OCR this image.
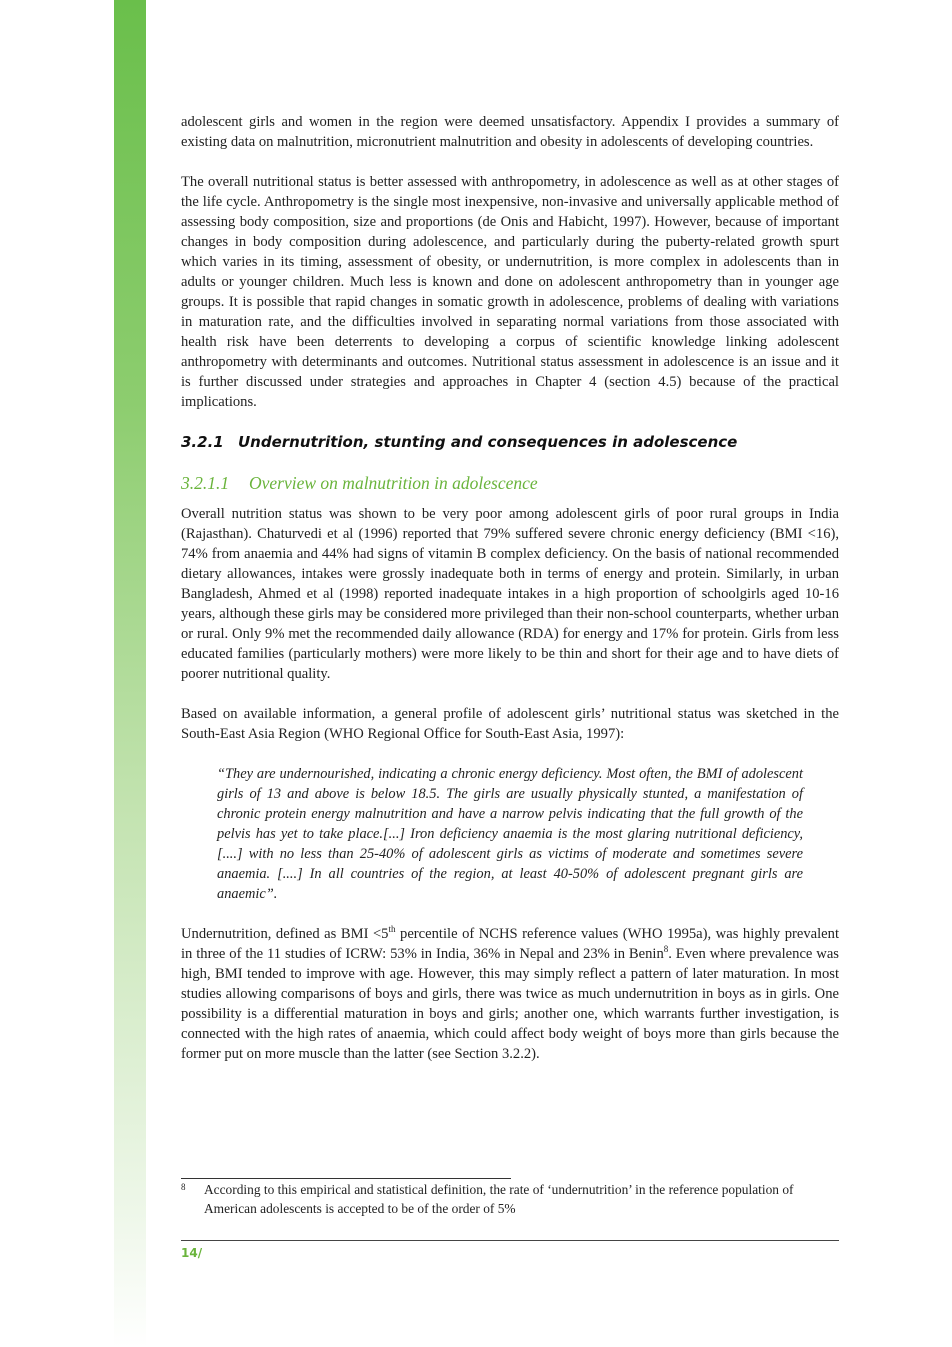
adolescent girls and women in the region were deemed unsatisfactory. Appendix I provides a summary of existing data on malnutrition, micronutrient malnutrition and obesity in adolescents of developing countries.

The overall nutritional status is better assessed with anthropometry, in adolescence as well as at other stages of the life cycle. Anthropometry is the single most inexpensive, non-invasive and universally applicable method of assessing body composition, size and proportions (de Onis and Habicht, 1997). However, because of important changes in body composition during adolescence, and particularly during the puberty-related growth spurt which varies in its timing, assessment of obesity, or undernutrition, is more complex in adolescents than in adults or younger children. Much less is known and done on adolescent anthropometry than in younger age groups. It is possible that rapid changes in somatic growth in adolescence, problems of dealing with variations in maturation rate, and the difficulties involved in separating normal variations from those associated with health risk have been deterrents to developing a corpus of scientific knowledge linking adolescent anthropometry with determinants and outcomes. Nutritional status assessment in adolescence is an issue and it is further discussed under strategies and approaches in Chapter 4 (section 4.5) because of the practical implications.

3.2.1 Undernutrition, stunting and consequences in adolescence
3.2.1.1 Overview on malnutrition in adolescence

Overall nutrition status was shown to be very poor among adolescent girls of poor rural groups in India (Rajasthan). Chaturvedi et al (1996) reported that 79% suffered severe chronic energy deficiency (BMI <16), 74% from anaemia and 44% had signs of vitamin B complex deficiency. On the basis of national recommended dietary allowances, intakes were grossly inadequate both in terms of energy and protein. Similarly, in urban Bangladesh, Ahmed et al (1998) reported inadequate intakes in a high proportion of schoolgirls aged 10-16 years, although these girls may be considered more privileged than their non-school counterparts, whether urban or rural. Only 9% met the recommended daily allowance (RDA) for energy and 17% for protein. Girls from less educated families (particularly mothers) were more likely to be thin and short for their age and to have diets of poorer nutritional quality.

Based on available information, a general profile of adolescent girls’ nutritional status was sketched in the South-East Asia Region (WHO Regional Office for South-East Asia, 1997):

“They are undernourished, indicating a chronic energy deficiency. Most often, the BMI of adolescent girls of 13 and above is below 18.5. The girls are usually physically stunted, a manifestation of chronic protein energy malnutrition and have a narrow pelvis indicating that the full growth of the pelvis has yet to take place.[...] Iron deficiency anaemia is the most glaring nutritional deficiency,[....] with no less than 25-40% of adolescent girls as victims of moderate and sometimes severe anaemia. [....] In all countries of the region, at least 40-50% of adolescent pregnant girls are anaemic”.

Undernutrition, defined as BMI <5th percentile of NCHS reference values (WHO 1995a), was highly prevalent in three of the 11 studies of ICRW: 53% in India, 36% in Nepal and 23% in Benin$^8$. Even where prevalence was high, BMI tended to improve with age. However, this may simply reflect a pattern of later maturation. In most studies allowing comparisons of boys and girls, there was twice as much undernutrition in boys as in girls. One possibility is a differential maturation in boys and girls; another one, which warrants further investigation, is connected with the high rates of anaemia, which could affect body weight of boys more than girls because the former put on more muscle than the latter (see Section 3.2.2).

8	According to this empirical and statistical definition, the rate of ‘undernutrition’ in the reference population of American adolescents is accepted to be of the order of 5%
14/
